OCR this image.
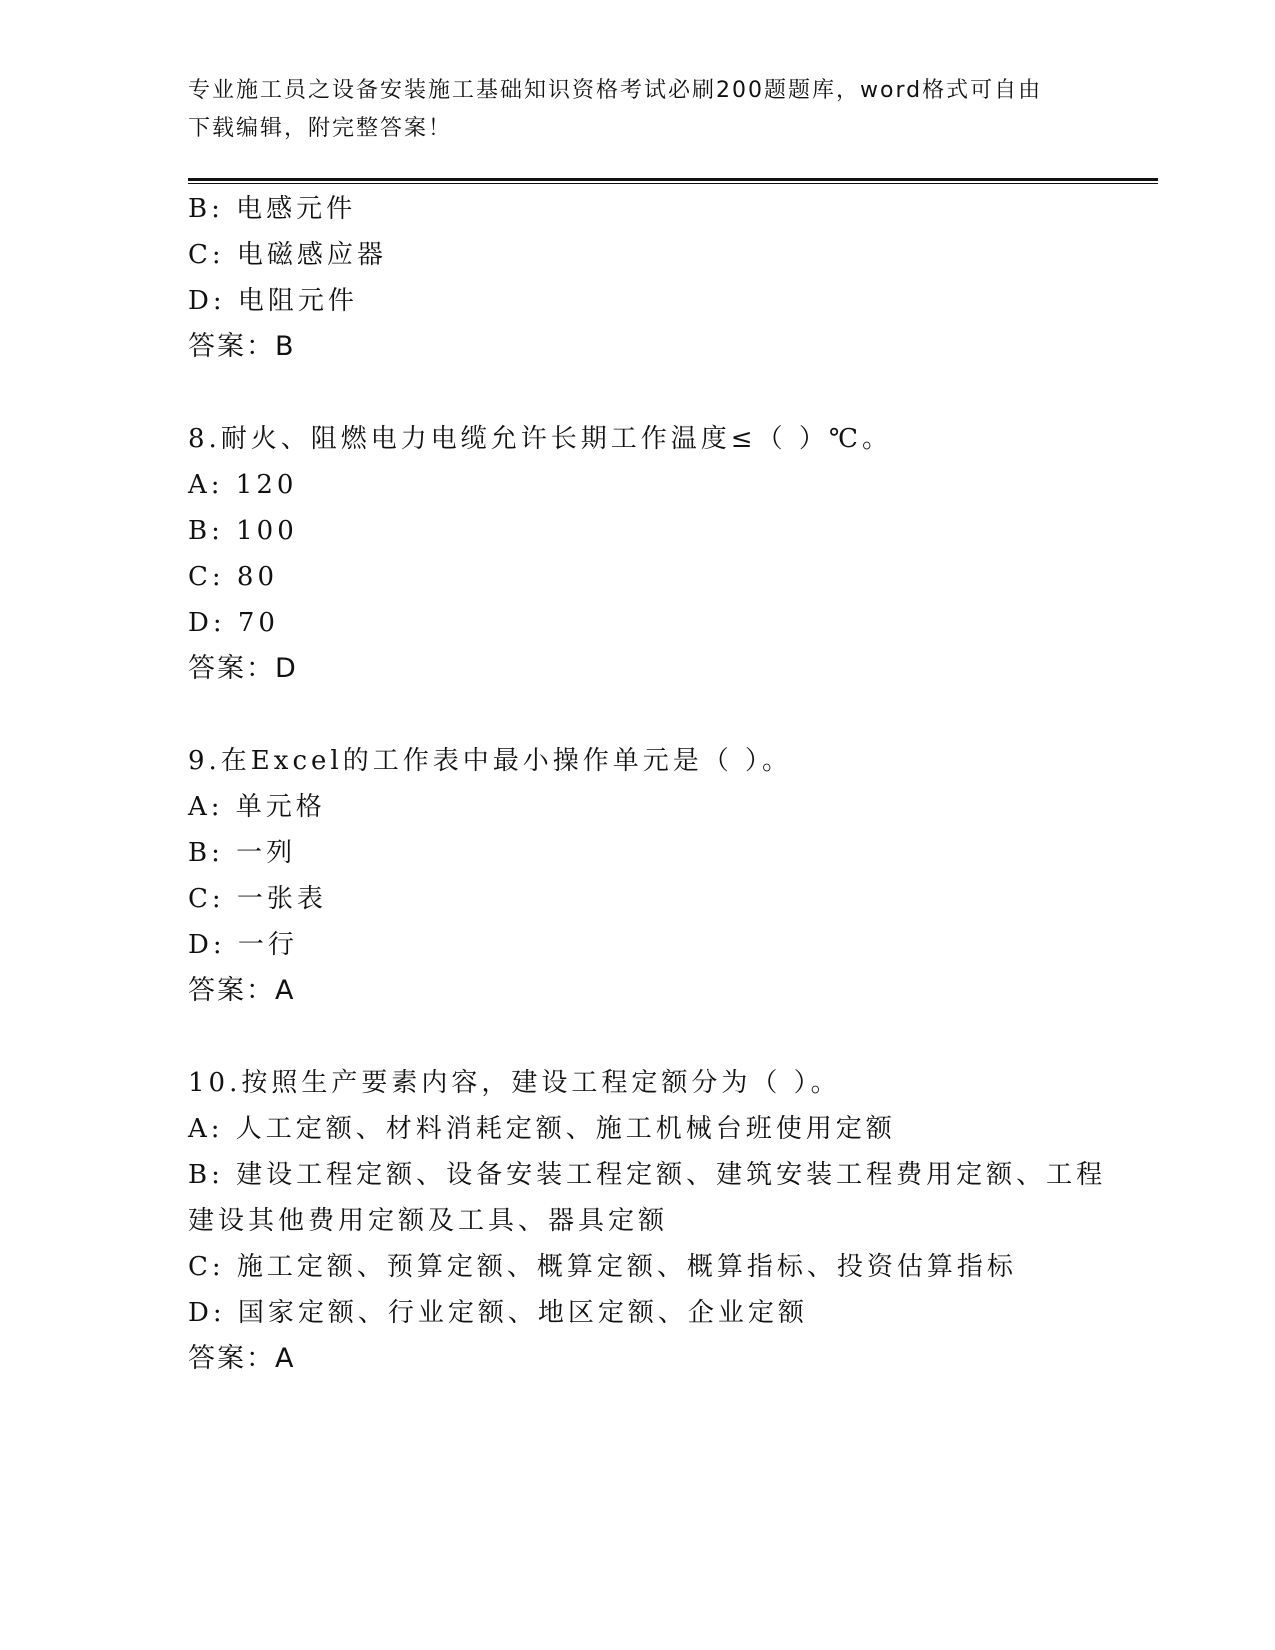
专业施工员之设备安装施工基础知识资格考试必刷200题题库，word格式可自由
下载编辑，附完整答案！
B: 电感元件
C: 电磁感应器
D: 电阻元件
答案：B
8.耐火、阻燃电力电缆允许长期工作温度≤（ ）℃。
A: 120
B: 100
C: 80
D: 70
答案：D
9.在Excel的工作表中最小操作单元是（ ）。
A: 单元格
B: 一列
C: 一张表
D: 一行
答案：A
10.按照生产要素内容，建设工程定额分为（ ）。
A: 人工定额、材料消耗定额、施工机械台班使用定额
B: 建设工程定额、设备安装工程定额、建筑安装工程费用定额、工程
建设其他费用定额及工具、器具定额
C: 施工定额、预算定额、概算定额、概算指标、投资估算指标
D: 国家定额、行业定额、地区定额、企业定额
答案：A
